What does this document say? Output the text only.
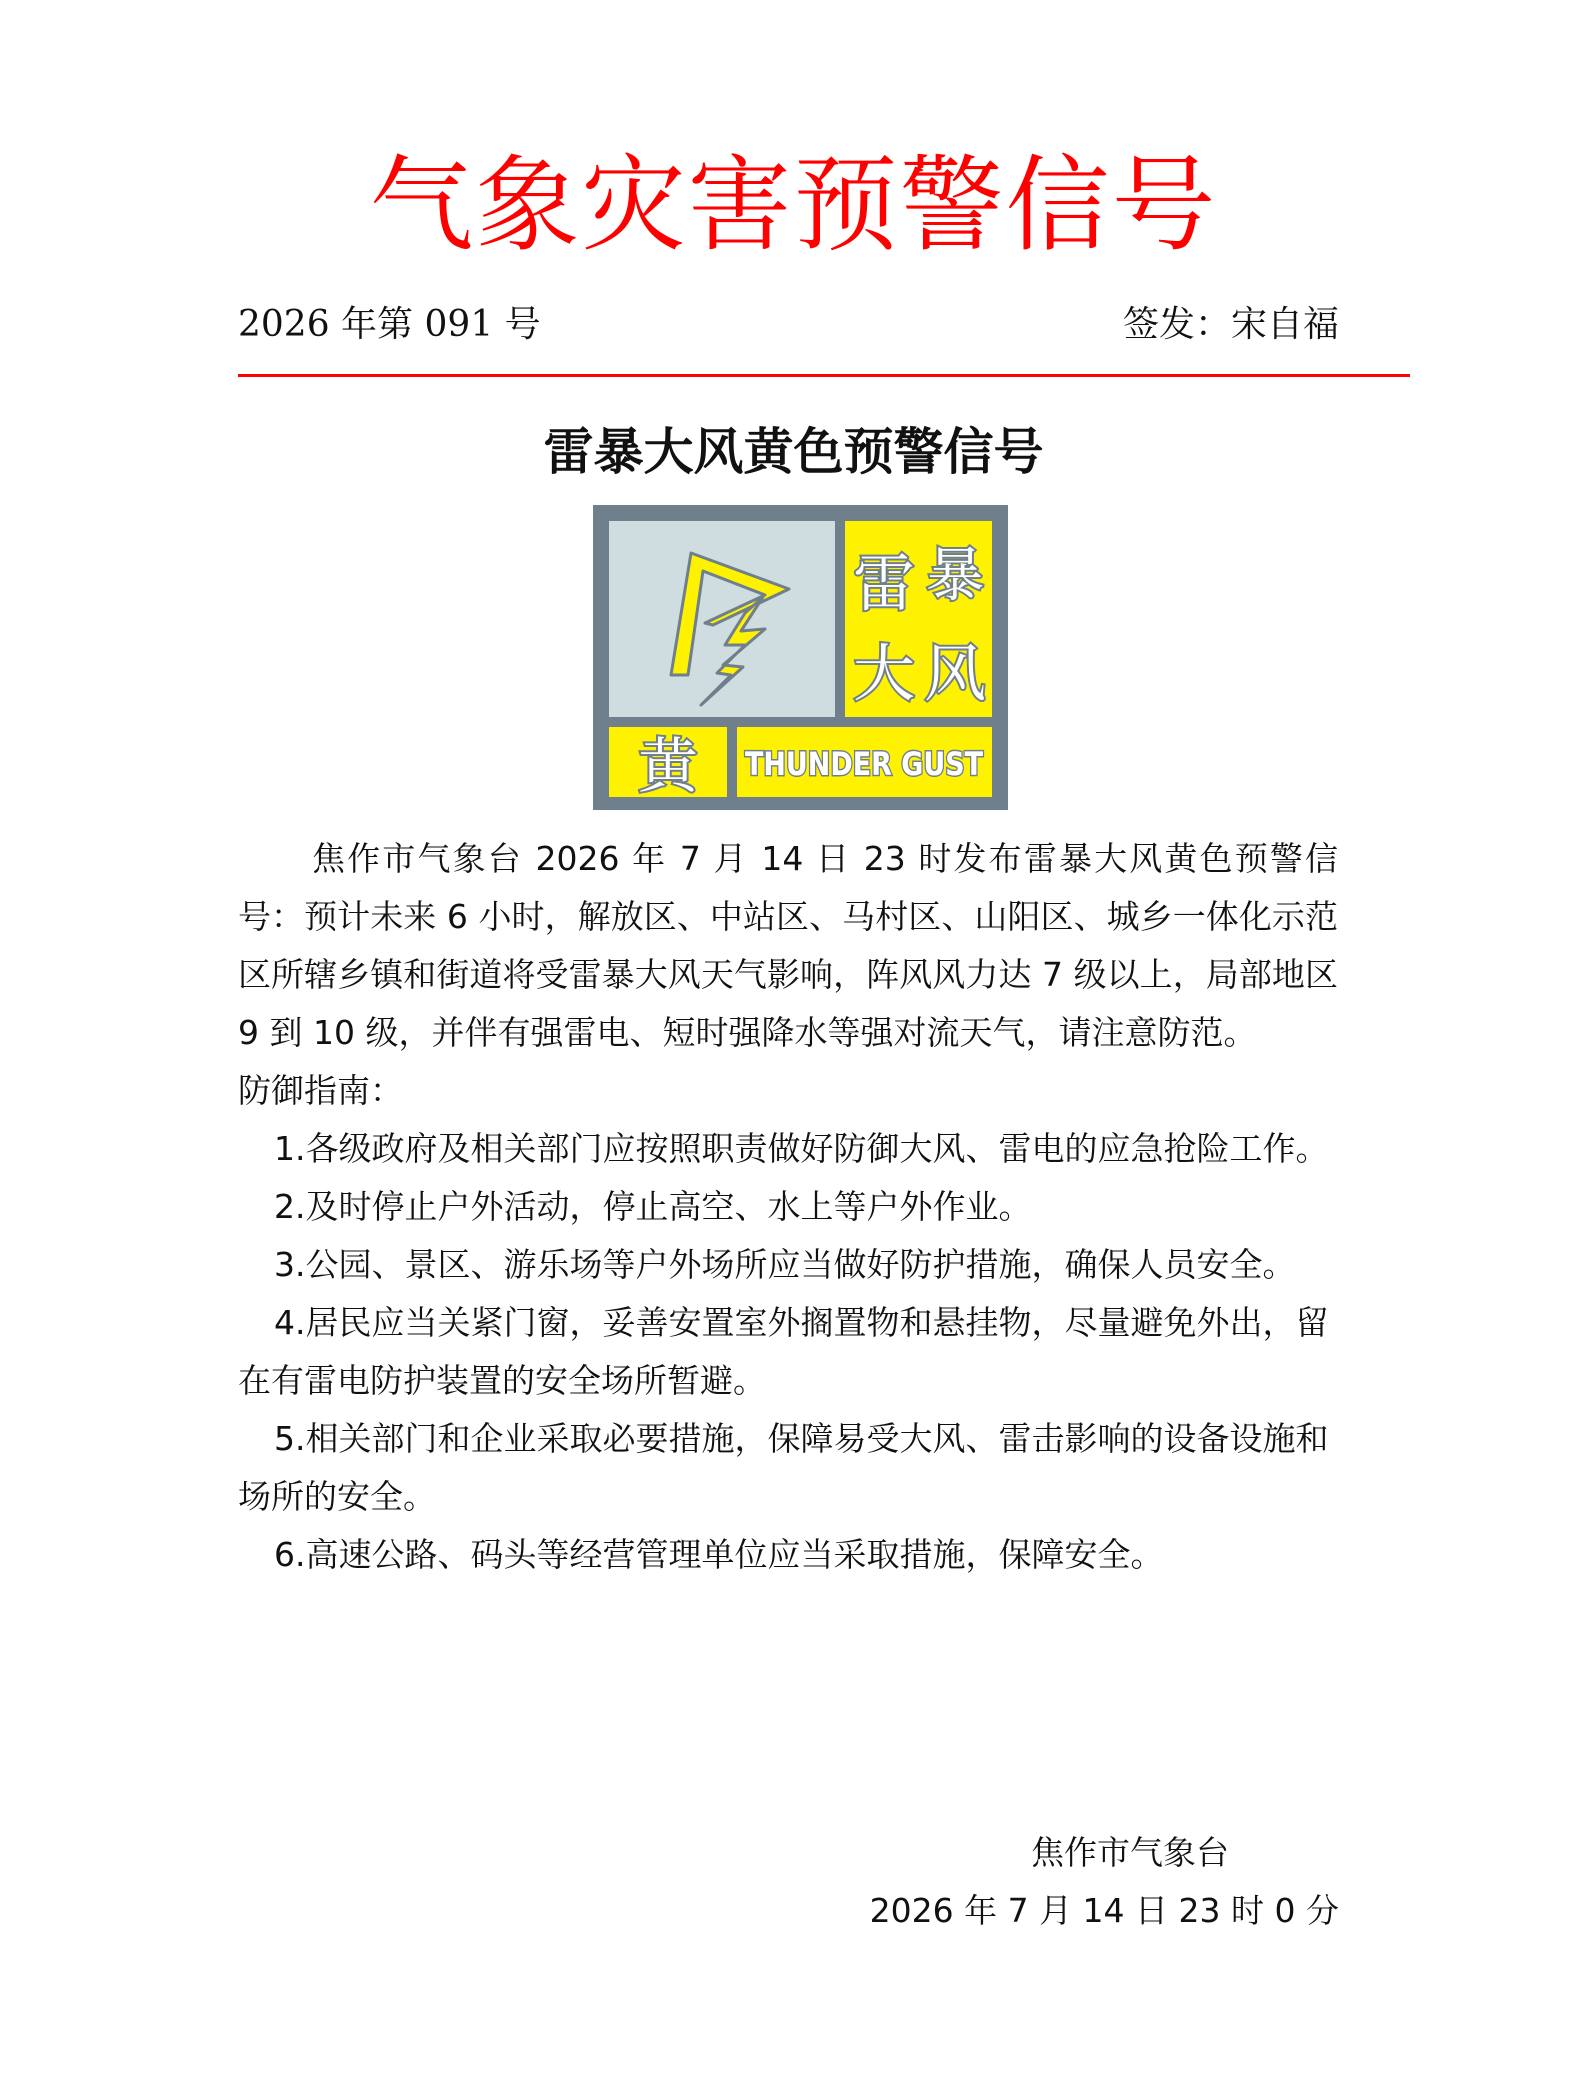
气象灾害预警信号
2026 年第 091 号	签发：宋自福
雷暴大风黄色预警信号
雷 暴
大 风
黄 THUNDER GUST

焦作市气象台 2026 年 7 月 14 日 23 时发布雷暴大风黄色预警信号：预计未来 6 小时，解放区、中站区、马村区、山阳区、城乡一体化示范区所辖乡镇和街道将受雷暴大风天气影响，阵风风力达 7 级以上，局部地区 9 到 10 级，并伴有强雷电、短时强降水等强对流天气，请注意防范。

防御指南：

1.各级政府及相关部门应按照职责做好防御大风、雷电的应急抢险工作。

2.及时停止户外活动，停止高空、水上等户外作业。

3.公园、景区、游乐场等户外场所应当做好防护措施，确保人员安全。

4.居民应当关紧门窗，妥善安置室外搁置物和悬挂物，尽量避免外出，留在有雷电防护装置的安全场所暂避。

5.相关部门和企业采取必要措施，保障易受大风、雷击影响的设备设施和场所的安全。

6.高速公路、码头等经营管理单位应当采取措施，保障安全。

焦作市气象台
2026 年 7 月 14 日 23 时 0 分
